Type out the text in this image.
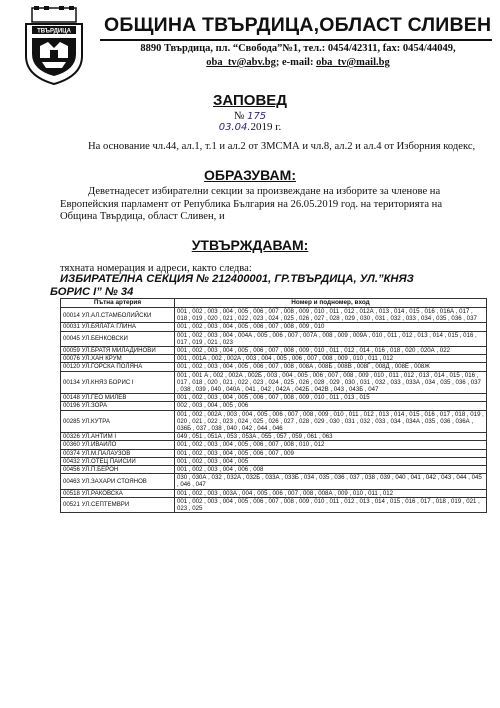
ТВЪРДИЦА ОБЩИНА ТВЪРДИЦА,ОБЛАСТ СЛИВЕН
8890 Твърдица, пл. “Свобода”№1, тел.: 0454/42311, fax: 0454/44049,
oba_tv@abv.bg; e-mail: oba_tv@mail.bg
ЗАПОВЕД
№ 175
03.04.2019 г.
На основание чл.44, ал.1, т.1 и ал.2 от ЗМСМА и чл.8, ал.2 и ал.4 от Изборния кодекс,
ОБРАЗУВАМ:
Деветнадесет избирателни секции за произвеждане на изборите за членове на Европейския парламент от Република България на 26.05.2019 год. на територията на Община Твърдица, област Сливен, и
УТВЪРЖДАВАМ:
тяхната номерация и адреси, както следва:
ИЗБИРАТЕЛНА СЕКЦИЯ № 212400001, ГР.ТВЪРДИЦА, УЛ.”КНЯЗ
БОРИС I” № 34
Пътна артерия	Номер и подномер, вход
00014 УЛ.АЛ.СТАМБОЛИЙСКИ	001 , 002 , 003 , 004 , 005 , 006 , 007 , 008 , 009 , 010 , 011 , 012 , 012А , 013 , 014 , 015 , 016 , 016А , 017 , 018 , 019 , 020 , 021 , 022 , 023 , 024 , 025 , 026 , 027 , 028 , 029 , 030 , 031 , 032 , 033 , 034 , 035 , 036 , 037
00031 УЛ.БЯЛАТА ГЛИНА	001 , 002 , 003 , 004 , 005 , 006 , 007 , 008 , 009 , 010
00045 УЛ.БЕНКОВСКИ	001 , 002 , 003 , 004 , 004А , 005 , 006 , 007 , 007А , 008 , 009 , 009А , 010 , 011 , 012 , 013 , 014 , 015 , 016 , 017 , 019 , 021 , 023
00059 УЛ.БРАТЯ МИЛАДИНОВИ	001 , 002 , 003 , 004 , 005 , 006 , 007 , 008 , 009 , 010 , 011 , 012 , 014 , 016 , 018 , 020 , 020А , 022
00076 УЛ.ХАН КРУМ	001 , 001А , 002 , 002А , 003 , 004 , 005 , 006 , 007 , 008 , 009 , 010 , 011 , 012
00120 УЛ.ГОРСКА ПОЛЯНА	001 , 002 , 003 , 004 , 005 , 006 , 007 , 008 , 008А , 008Б , 008В , 008Г , 008Д , 008Е , 008Ж
00134 УЛ.КНЯЗ БОРИС I	001 , 001 А , 002 , 002А , 002Б , 003 , 004 , 005 , 006 , 007 , 008 , 009 , 010 , 011 , 012 , 013 , 014 , 015 , 016 , 017 , 018 , 020 , 021 , 022 , 023 , 024 , 025 , 026 , 028 , 029 , 030 , 031 , 032 , 033 , 033А , 034 , 035 , 036 , 037 , 038 , 039 , 040 , 040А , 041 , 042 , 042А , 042Б , 042В , 043 , 043Б , 047
00148 УЛ.ГЕО МИЛЕВ	001 , 002 , 003 , 004 , 005 , 006 , 007 , 008 , 009 , 010 , 011 , 013 , 015
00196 УЛ.ЗОРА	002 , 003 , 004 , 005 , 006
00285 УЛ.КУТРА	001 , 002 , 002А , 003 , 004 , 005 , 006 , 007 , 008 , 009 , 010 , 011 , 012 , 013 , 014 , 015 , 016 , 017 , 018 , 019 , 020 , 021 , 022 , 023 , 024 , 025 , 026 , 027 , 028 , 029 , 030 , 031 , 032 , 033 , 034 , 034А , 035 , 036 , 036А , 036Б , 037 , 038 , 040 , 042 , 044 , 046
00326 УЛ.АНТИМ I	049 , 051 , 051А , 053 , 053А , 055 , 057 , 059 , 061 , 063
00360 УЛ.ИВАЙЛО	001 , 002 , 003 , 004 , 005 , 006 , 007 , 008 , 010 , 012
00374 УЛ.М.ПАЛАУЗОВ	001 , 002 , 003 , 004 , 005 , 006 , 007 , 009
00432 УЛ.ОТЕЦ ПАИСИЙ	001 , 002 , 003 , 004 , 005
00456 УЛ.П.БЕРОН	001 , 002 , 003 , 004 , 006 , 008
00463 УЛ.ЗАХАРИ СТОЯНОВ	030 , 030А , 032 , 032А , 032Б , 033А , 033Б , 034 , 035 , 036 , 037 , 038 , 039 , 040 , 041 , 042 , 043 , 044 , 045 , 046 , 047
00518 УЛ.РАКОВСКА	001 , 002 , 003 , 003А , 004 , 005 , 006 , 007 , 008 , 008А , 009 , 010 , 011 , 012
00521 УЛ.СЕПТЕМВРИ	001 , 002 , 003 , 004 , 005 , 006 , 007 , 008 , 009 , 010 , 011 , 012 , 013 , 014 , 015 , 016 , 017 , 018 , 019 , 021 , 023 , 025
